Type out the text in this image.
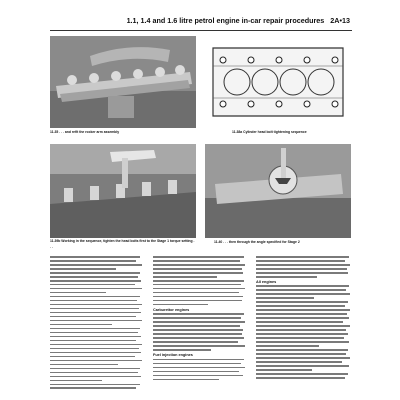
1.1, 1.4 and 1.6 litre petrol engine in-car repair procedures 2A•13
11.35 . . . and refit the rocker arm assembly	11.38a Cylinder head bolt tightening sequence
11.39b Working in the sequence, tighten the head bolts first to the Stage 1 torque setting . . .
11.40 . . . then through the angle specified for Stage 2
Carburettor engines
Fuel injection engines
All engines
